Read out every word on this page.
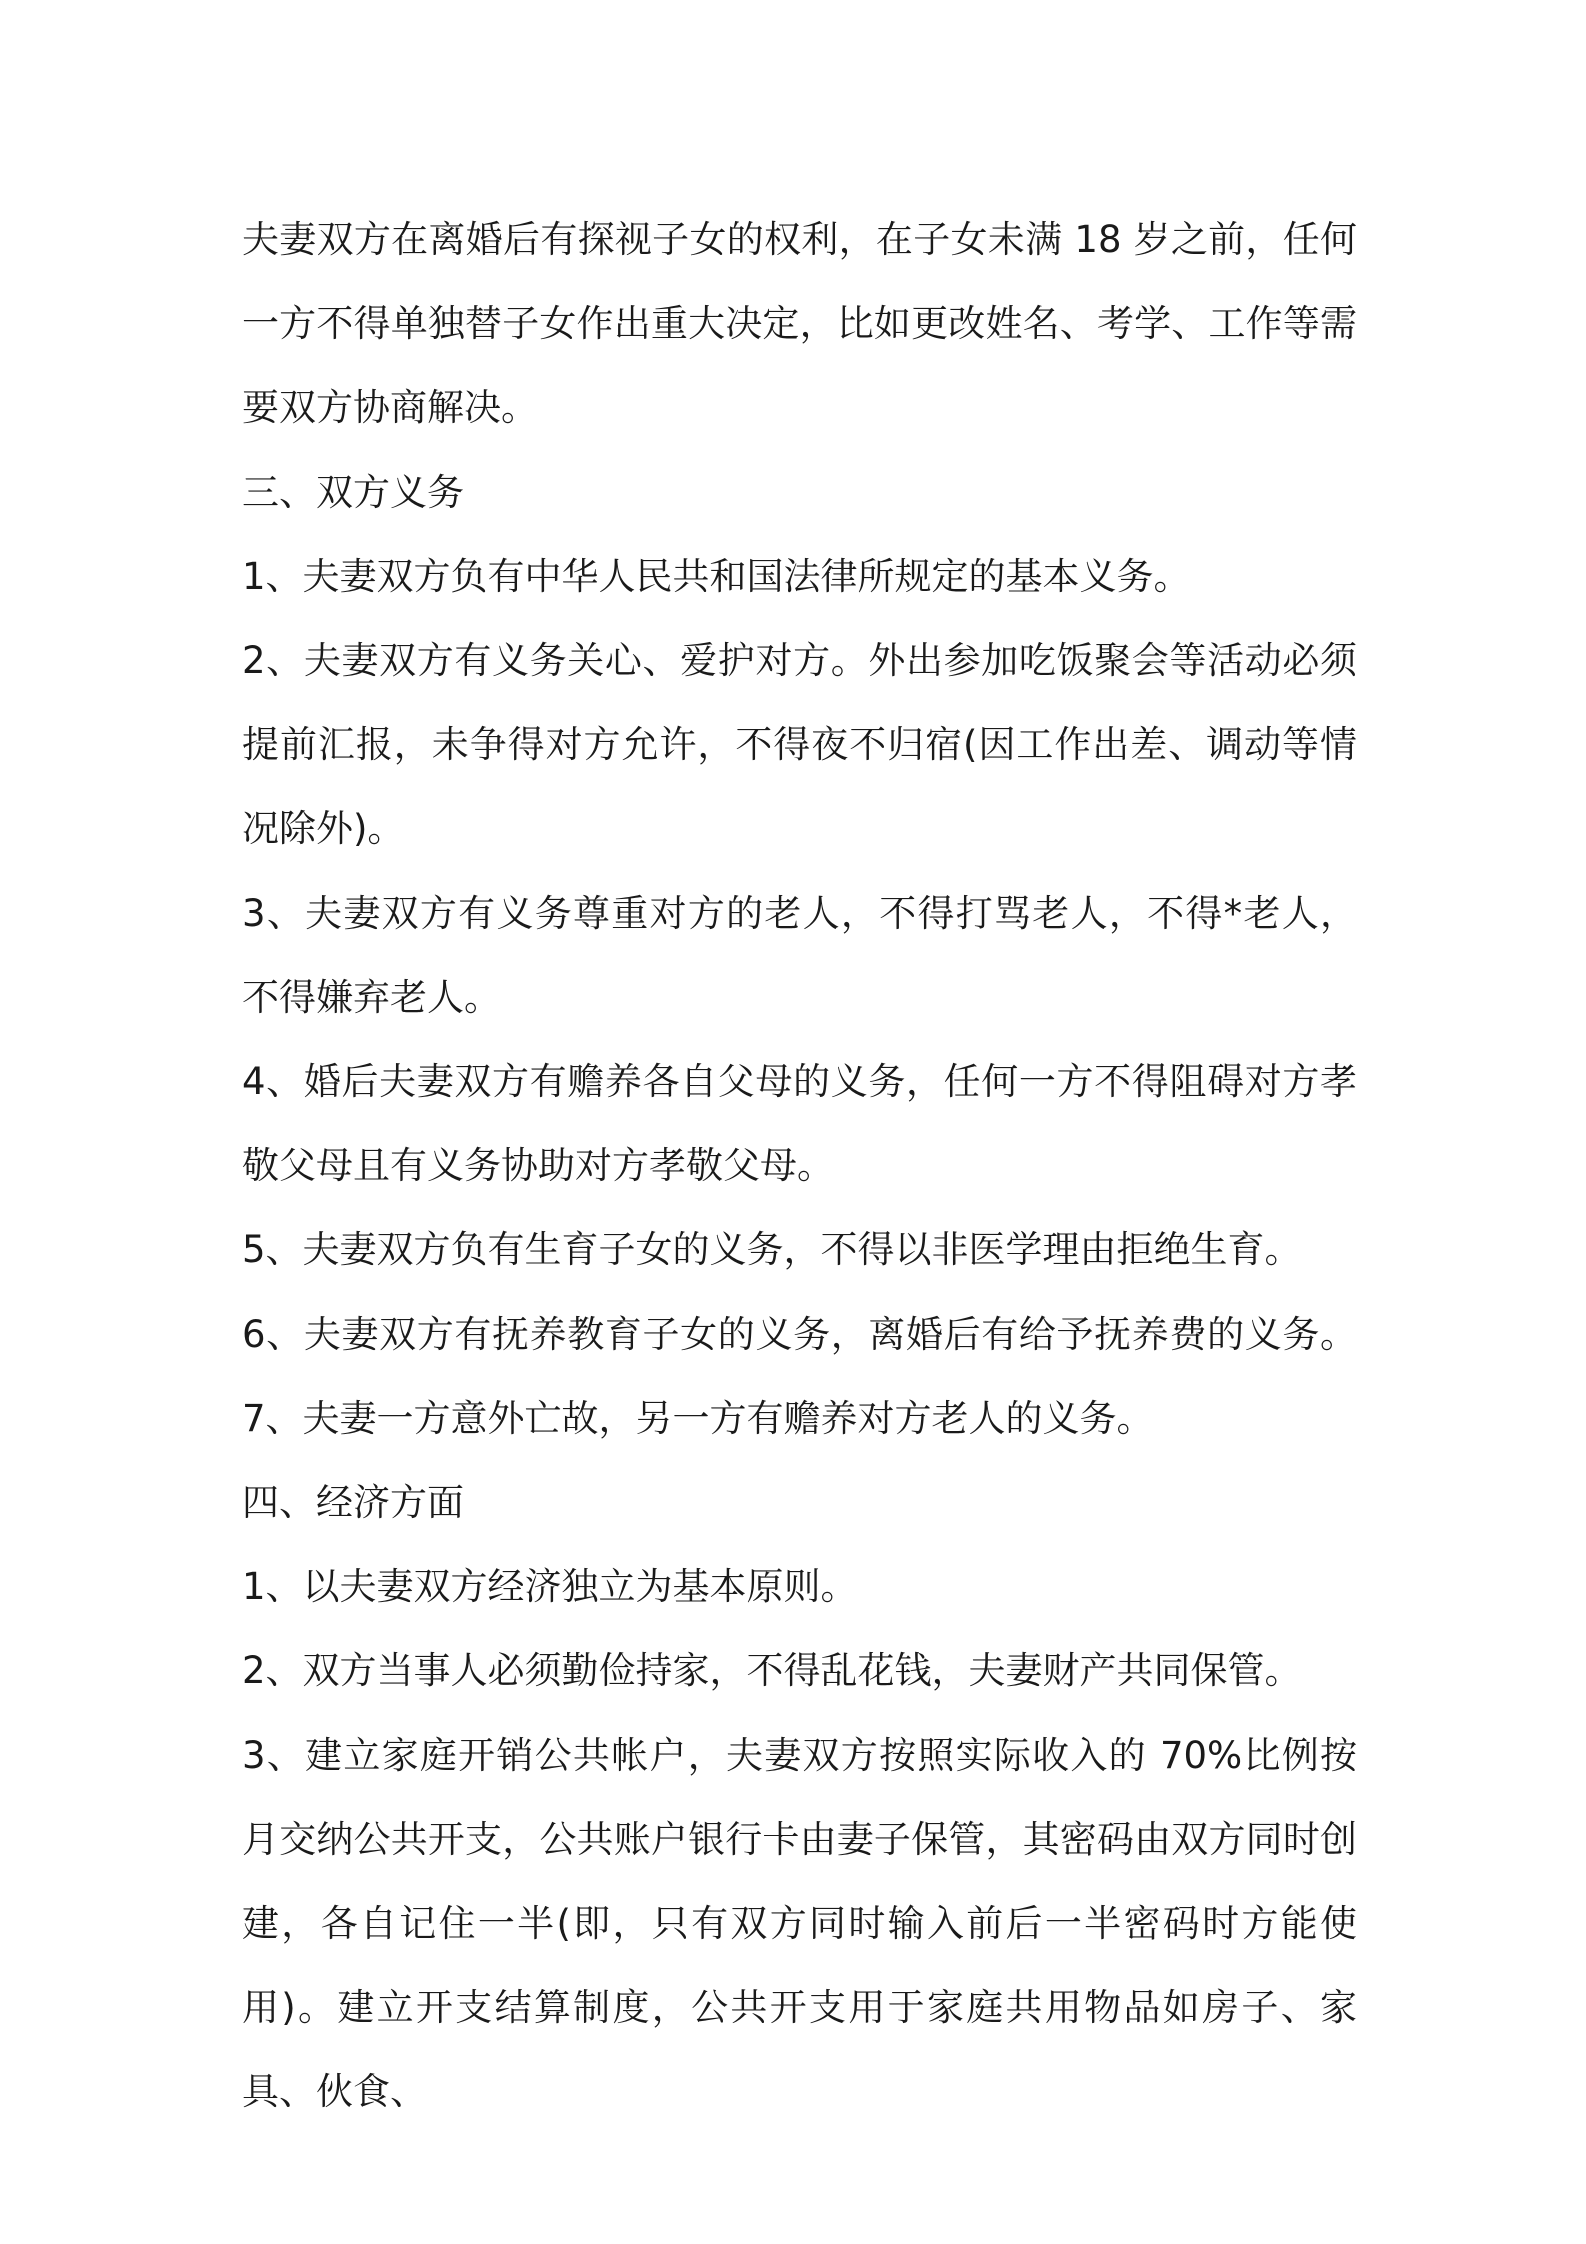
夫妻双方在离婚后有探视子女的权利，在子女未满 18 岁之前，任何一方不得单独替子女作出重大决定，比如更改姓名、考学、工作等需要双方协商解决。

三、双方义务

1、夫妻双方负有中华人民共和国法律所规定的基本义务。

2、夫妻双方有义务关心、爱护对方。外出参加吃饭聚会等活动必须提前汇报，未争得对方允许，不得夜不归宿(因工作出差、调动等情况除外)。

3、夫妻双方有义务尊重对方的老人，不得打骂老人，不得*老人，不得嫌弃老人。

4、婚后夫妻双方有赡养各自父母的义务，任何一方不得阻碍对方孝敬父母且有义务协助对方孝敬父母。

5、夫妻双方负有生育子女的义务，不得以非医学理由拒绝生育。

6、夫妻双方有抚养教育子女的义务，离婚后有给予抚养费的义务。7、夫妻一方意外亡故，另一方有赡养对方老人的义务。

四、经济方面

1、以夫妻双方经济独立为基本原则。

2、双方当事人必须勤俭持家，不得乱花钱，夫妻财产共同保管。

3、建立家庭开销公共帐户，夫妻双方按照实际收入的 70%比例按月交纳公共开支，公共账户银行卡由妻子保管，其密码由双方同时创建，各自记住一半(即，只有双方同时输入前后一半密码时方能使用)。建立开支结算制度，公共开支用于家庭共用物品如房子、家具、伙食、
